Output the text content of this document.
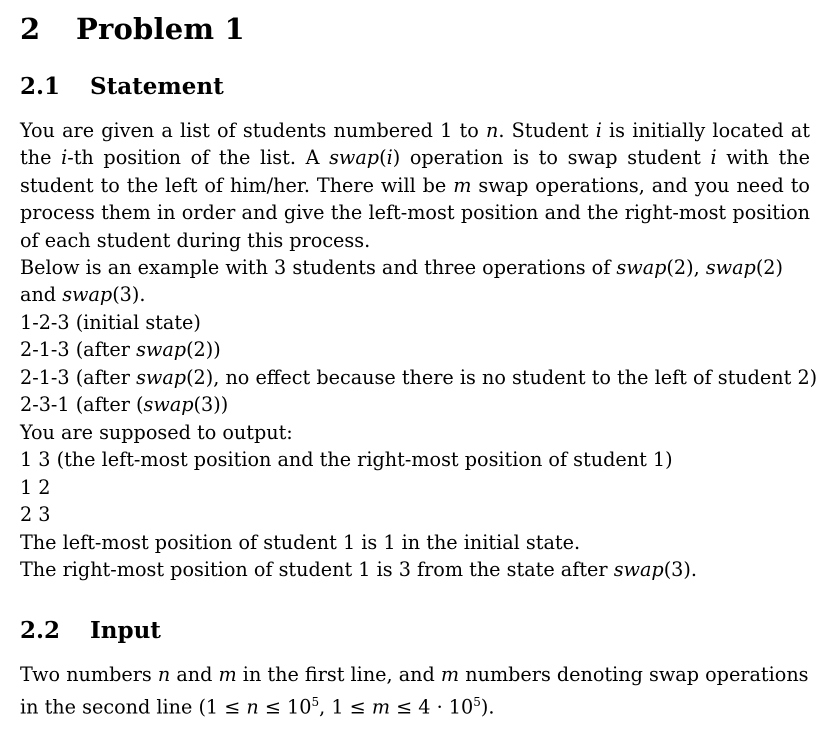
2 Problem 1
2.1 Statement
You are given a list of students numbered 1 to n. Student i is initially located at the i-th position of the list. A swap(i) operation is to swap student i with the student to the left of him/her. There will be m swap operations, and you need to process them in order and give the left-most position and the right-most position of each student during this process.
Below is an example with 3 students and three operations of swap(2), swap(2)
and swap(3).
1-2-3 (initial state)
2-1-3 (after swap(2))
2-1-3 (after swap(2), no effect because there is no student to the left of student 2)
2-3-1 (after (swap(3))
You are supposed to output:
1 3 (the left-most position and the right-most position of student 1)
1 2
2 3
The left-most position of student 1 is 1 in the initial state.
The right-most position of student 1 is 3 from the state after swap(3).
2.2 Input
Two numbers n and m in the first line, and m numbers denoting swap operations
in the second line ($1 \le n \le 10^5$, $1 \le m \le 4 \cdot 10^5$).
